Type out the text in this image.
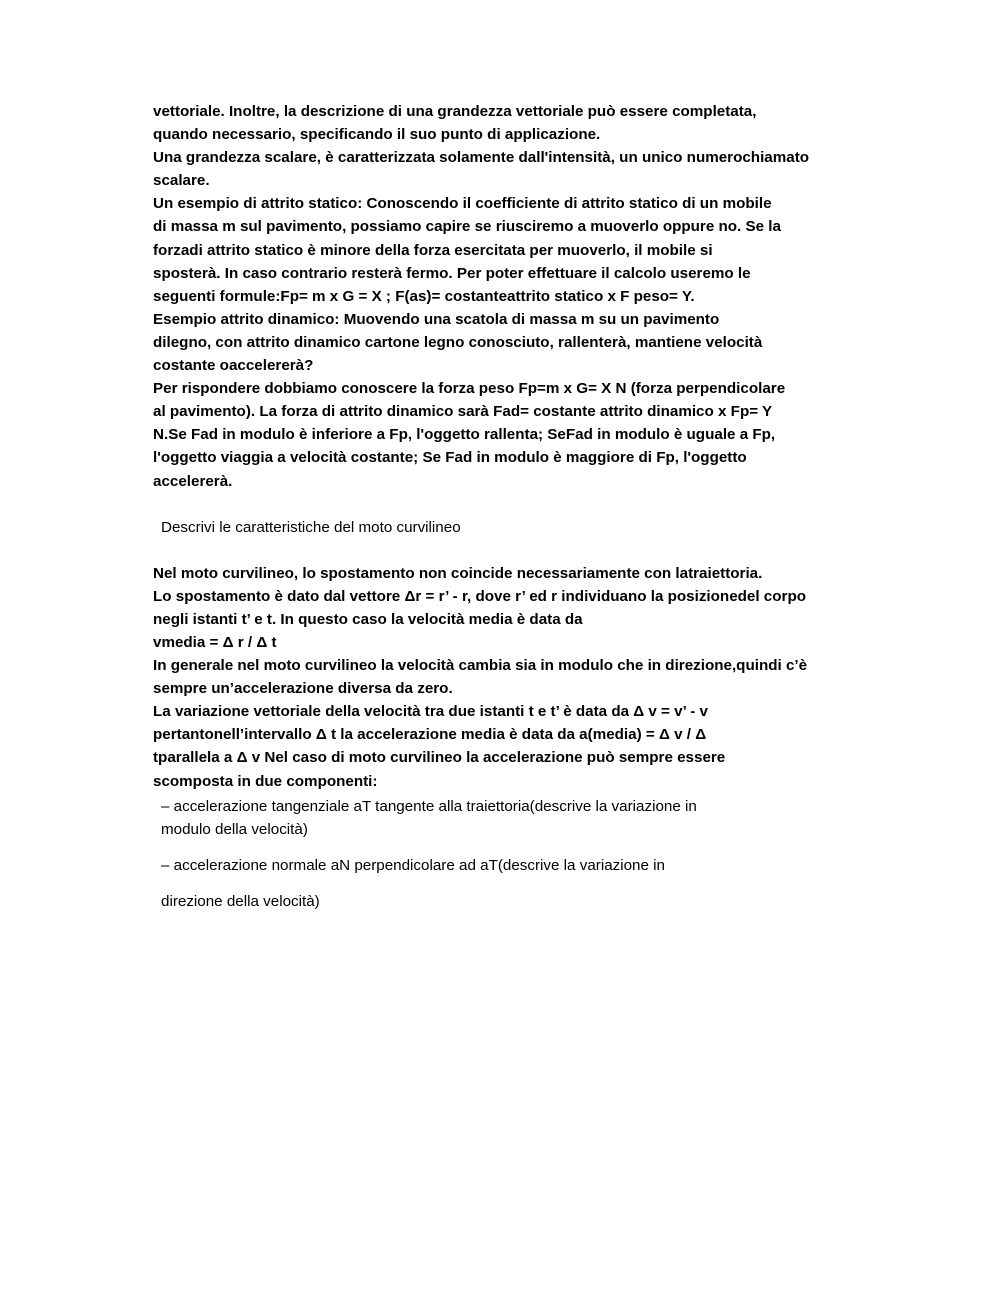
vettoriale. Inoltre, la descrizione di una grandezza vettoriale può essere completata,
quando necessario, specificando il suo punto di applicazione.
Una grandezza scalare, è caratterizzata solamente dall'intensità, un unico numerochiamato
scalare.
Un esempio di attrito statico: Conoscendo il coefficiente di attrito statico di un mobile
di massa m sul pavimento, possiamo capire se riusciremo a muoverlo oppure no. Se la
forzadi attrito statico è minore della forza esercitata per muoverlo, il mobile si
sposterà. In caso contrario resterà fermo. Per poter effettuare il calcolo useremo le
seguenti formule:Fp= m x G = X ; F(as)= costanteattrito statico x F peso= Y.
Esempio attrito dinamico: Muovendo una scatola di massa m su un pavimento
dilegno, con attrito dinamico cartone legno conosciuto, rallenterà, mantiene velocità
costante oaccelererà?
Per rispondere dobbiamo conoscere la forza peso Fp=m x G= X N (forza perpendicolare
al pavimento). La forza di attrito dinamico sarà Fad= costante attrito dinamico x Fp= Y
N.Se Fad in modulo è inferiore a Fp, l'oggetto rallenta; SeFad in modulo è uguale a Fp,
l'oggetto viaggia a velocità costante; Se Fad in modulo è maggiore di Fp, l'oggetto
accelererà.
Descrivi le caratteristiche del moto curvilineo
Nel moto curvilineo, lo spostamento non coincide necessariamente con latraiettoria.
Lo spostamento è dato dal vettore Δr = r’ - r, dove r’ ed r individuano la posizionedel corpo
negli istanti t’ e t. In questo caso la velocità media è data da
vmedia = Δ r / Δ t
In generale nel moto curvilineo la velocità cambia sia in modulo che in direzione,quindi c’è
sempre un’accelerazione diversa da zero.
La variazione vettoriale della velocità tra due istanti t e t’ è data da Δ v = v’ - v
pertantonell’intervallo Δ t la accelerazione media è data da a(media) = Δ v / Δ
tparallela a Δ v Nel caso di moto curvilineo la accelerazione può sempre essere
scomposta in due componenti:
– accelerazione tangenziale aT tangente alla traiettoria(descrive la variazione in
modulo della velocità)
– accelerazione normale aN perpendicolare ad aT(descrive la variazione in
direzione della velocità)
